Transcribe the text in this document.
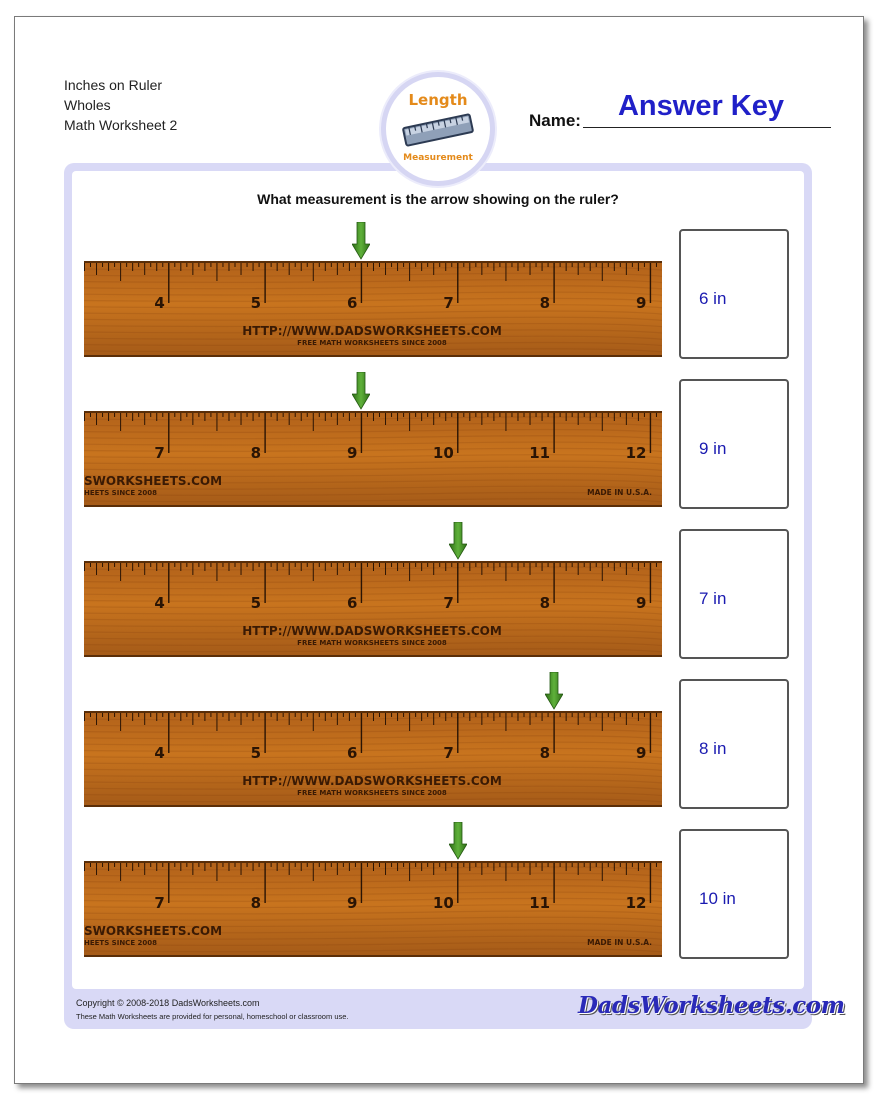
Inches on Ruler
Wholes
Math Worksheet 2
Length
Measurement
Name:	Answer Key
What measurement is the arrow showing on the ruler?
4	5	6	7	8	9
HTTP://WWW.DADSWORKSHEETS.COM
FREE MATH WORKSHEETS SINCE 2008
6 in
7	8	9	10	11	12
SWORKSHEETS.COM
HEETS SINCE 2008	MADE IN U.S.A.
9 in
4	5	6	7	8	9
HTTP://WWW.DADSWORKSHEETS.COM
FREE MATH WORKSHEETS SINCE 2008
7 in
4	5	6	7	8	9
HTTP://WWW.DADSWORKSHEETS.COM
FREE MATH WORKSHEETS SINCE 2008
8 in
7	8	9	10	11	12
SWORKSHEETS.COM
HEETS SINCE 2008	MADE IN U.S.A.
10 in
Copyright © 2008-2018 DadsWorksheets.com
These Math Worksheets are provided for personal, homeschool or classroom use.	DadsWorksheets.com
